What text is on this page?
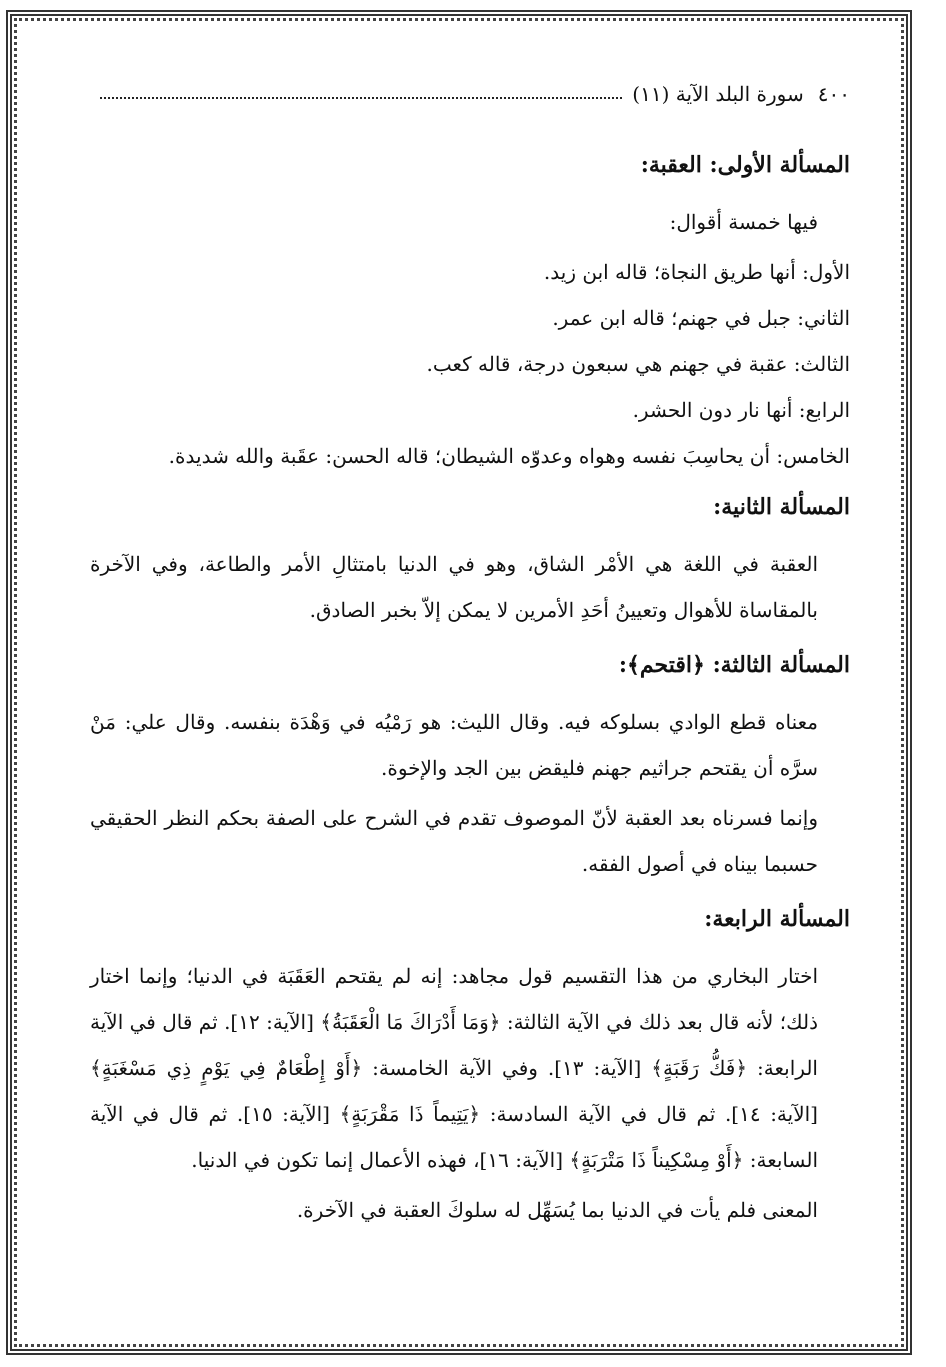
٤٠٠
سورة البلد الآية (١١)
المسألة الأولى: العقبة:
فيها خمسة أقوال:
الأول: أنها طريق النجاة؛ قاله ابن زيد.
الثاني: جبل في جهنم؛ قاله ابن عمر.
الثالث: عقبة في جهنم هي سبعون درجة، قاله كعب.
الرابع: أنها نار دون الحشر.
الخامس: أن يحاسِبَ نفسه وهواه وعدوّه الشيطان؛ قاله الحسن: عقَبة والله شديدة.
المسألة الثانية:
العقبة في اللغة هي الأمْر الشاق، وهو في الدنيا بامتثالِ الأمر والطاعة، وفي الآخرة بالمقاساة للأهوال وتعيينُ أحَدِ الأمرين لا يمكن إلاّ بخبر الصادق.
المسألة الثالثة: ﴿اقتحم﴾:
معناه قطع الوادي بسلوكه فيه. وقال الليث: هو رَمْيُه في وَهْدَة بنفسه. وقال علي: مَنْ سرَّه أن يقتحم جراثيم جهنم فليقض بين الجد والإخوة.
وإنما فسرناه بعد العقبة لأنّ الموصوف تقدم في الشرح على الصفة بحكم النظر الحقيقي حسبما بيناه في أصول الفقه.
المسألة الرابعة:
اختار البخاري من هذا التقسيم قول مجاهد: إنه لم يقتحم العَقَبَة في الدنيا؛ وإنما اختار ذلك؛ لأنه قال بعد ذلك في الآية الثالثة: ﴿وَمَا أَدْرَاكَ مَا الْعَقَبَةُ﴾ [الآية: ١٢]. ثم قال في الآية الرابعة: ﴿فَكُّ رَقَبَةٍ﴾ [الآية: ١٣]. وفي الآية الخامسة: ﴿أَوْ إِطْعَامٌ فِي يَوْمٍ ذِي مَسْغَبَةٍ﴾ [الآية: ١٤]. ثم قال في الآية السادسة: ﴿يَتِيماً ذَا مَقْرَبَةٍ﴾ [الآية: ١٥]. ثم قال في الآية السابعة: ﴿أَوْ مِسْكِيناً ذَا مَتْرَبَةٍ﴾ [الآية: ١٦]، فهذه الأعمال إنما تكون في الدنيا.
المعنى فلم يأت في الدنيا بما يُسَهِّل له سلوكَ العقبة في الآخرة.
